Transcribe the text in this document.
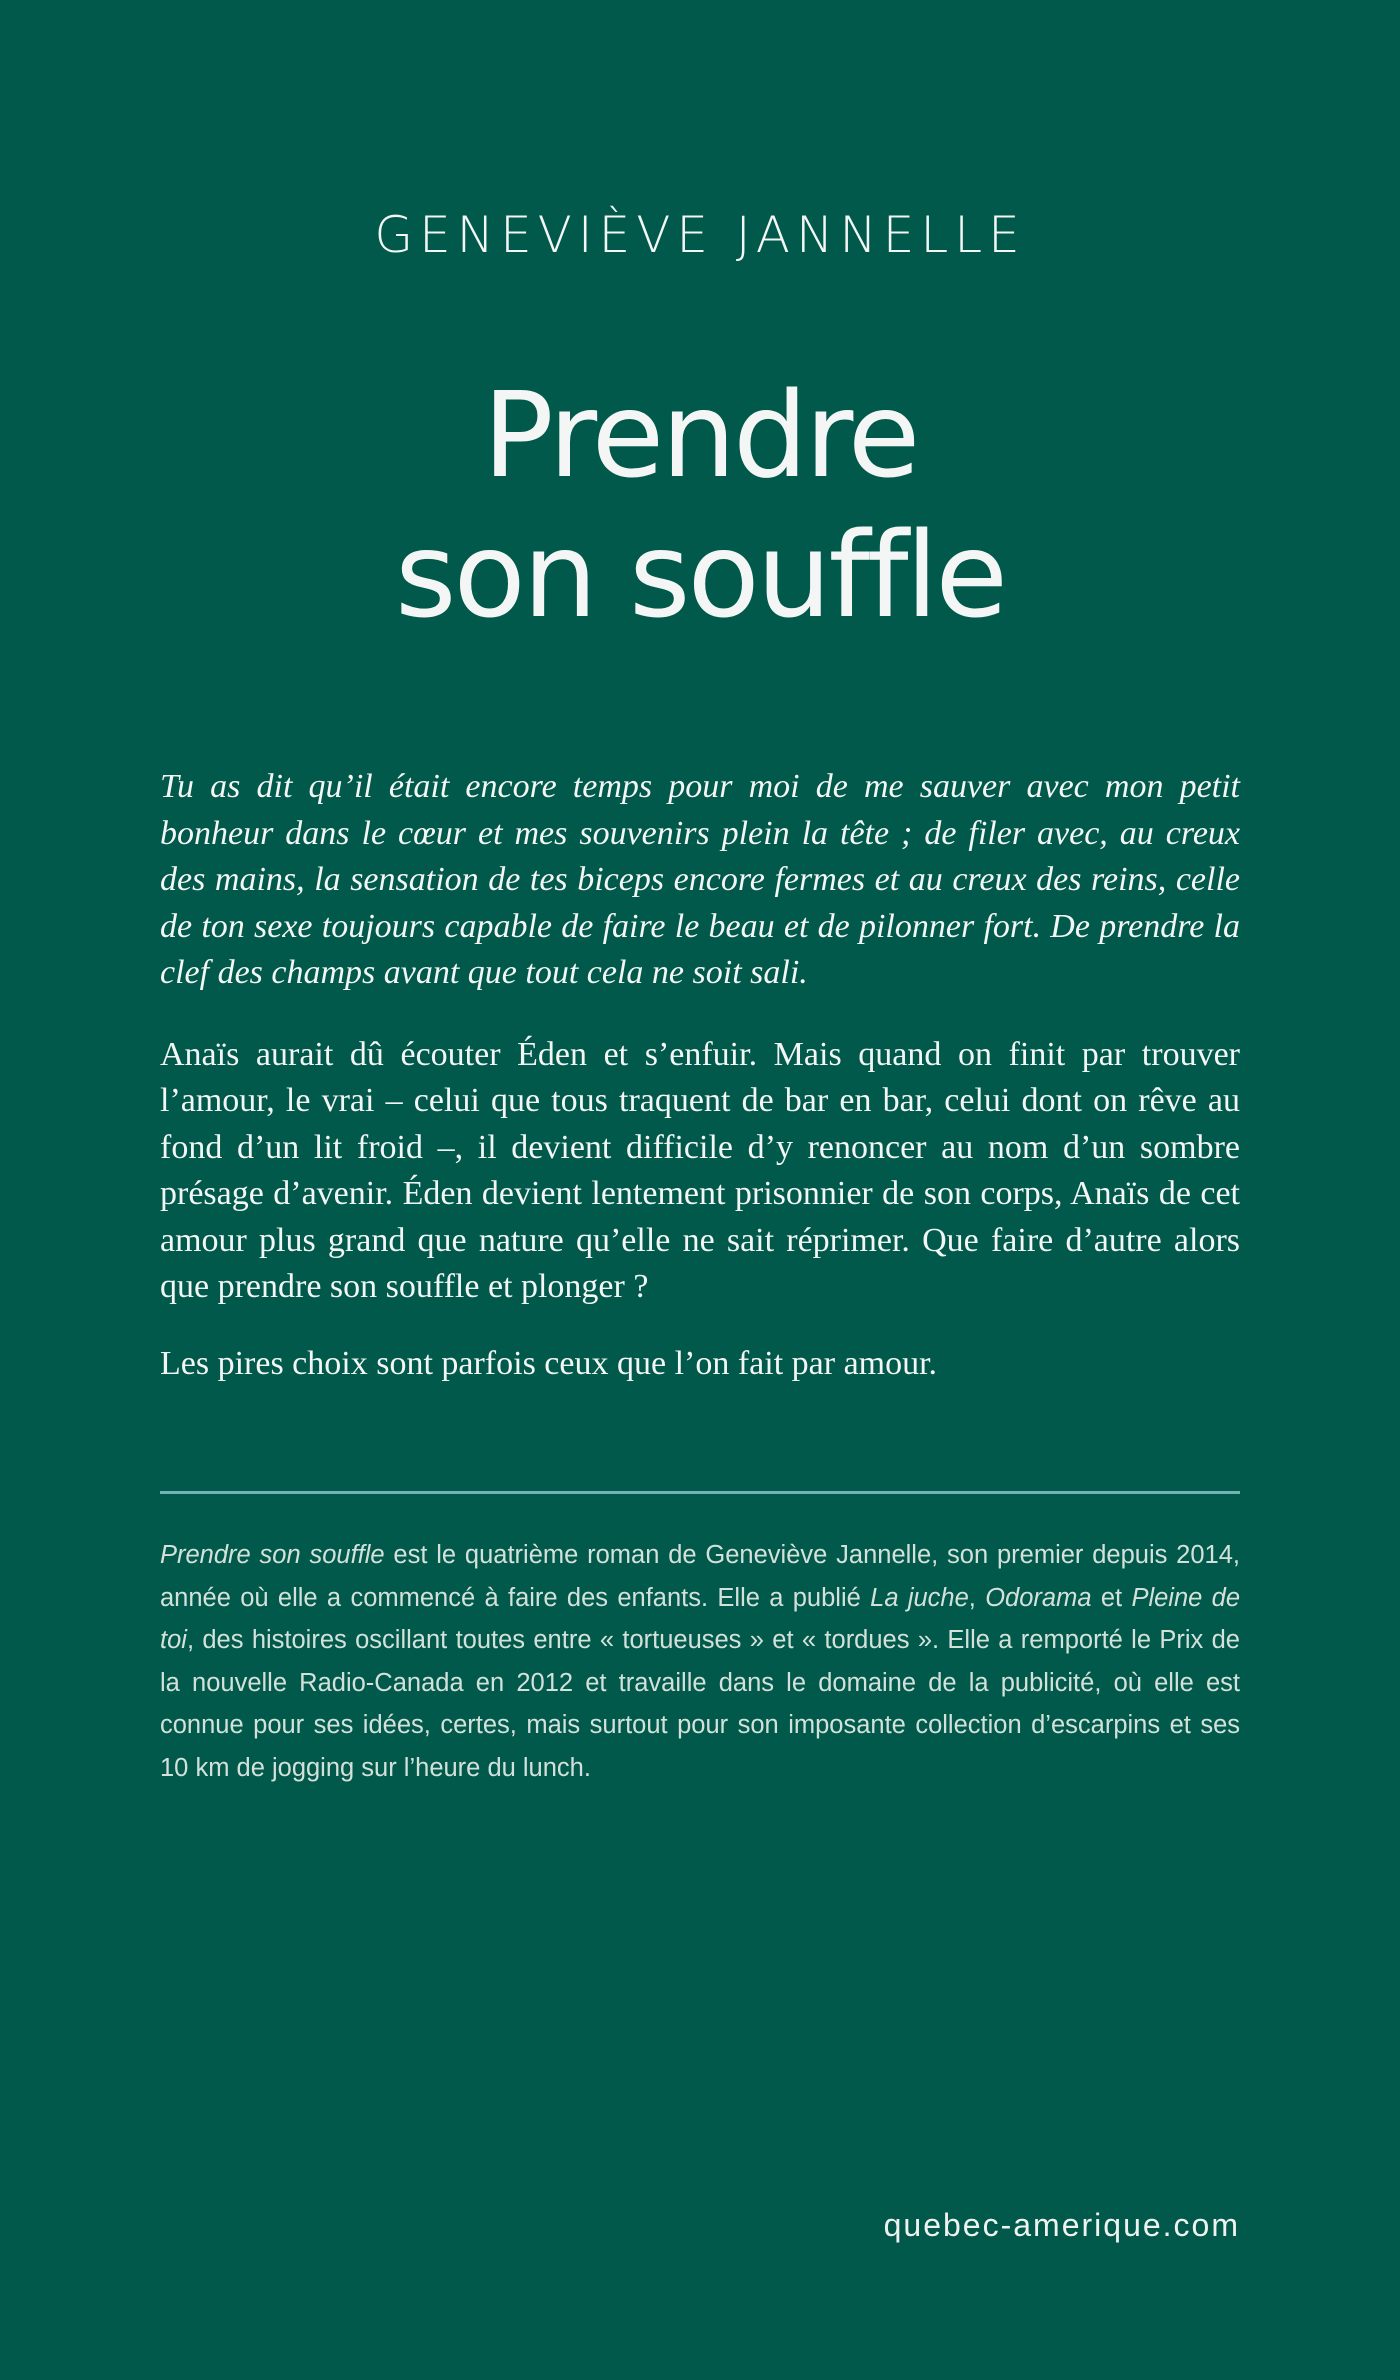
GENEVIÈVE JANNELLE
Prendre
son souffle

Tu as dit qu’il était encore temps pour moi de me sauver avec mon petit bonheur dans le cœur et mes souvenirs plein la tête ; de filer avec, au creux des mains, la sensation de tes biceps encore fermes et au creux des reins, celle de ton sexe toujours capable de faire le beau et de pilonner fort. De prendre la clef des champs avant que tout cela ne soit sali.

Anaïs aurait dû écouter Éden et s’enfuir. Mais quand on finit par trouver l’amour, le vrai – celui que tous traquent de bar en bar, celui dont on rêve au fond d’un lit froid –, il devient difficile d’y renoncer au nom d’un sombre présage d’avenir. Éden devient lentement prisonnier de son corps, Anaïs de cet amour plus grand que nature qu’elle ne sait réprimer. Que faire d’autre alors que prendre son souffle et plonger ?

Les pires choix sont parfois ceux que l’on fait par amour.

Prendre son souffle est le quatrième roman de Geneviève Jannelle, son premier depuis 2014, année où elle a commencé à faire des enfants. Elle a publié La juche, Odorama et Pleine de toi, des histoires oscillant toutes entre « tortueuses » et « tordues ». Elle a remporté le Prix de la nouvelle Radio-Canada en 2012 et travaille dans le domaine de la publicité, où elle est connue pour ses idées, certes, mais surtout pour son imposante collection d’escarpins et ses 10 km de jogging sur l’heure du lunch.

quebec-amerique.com
